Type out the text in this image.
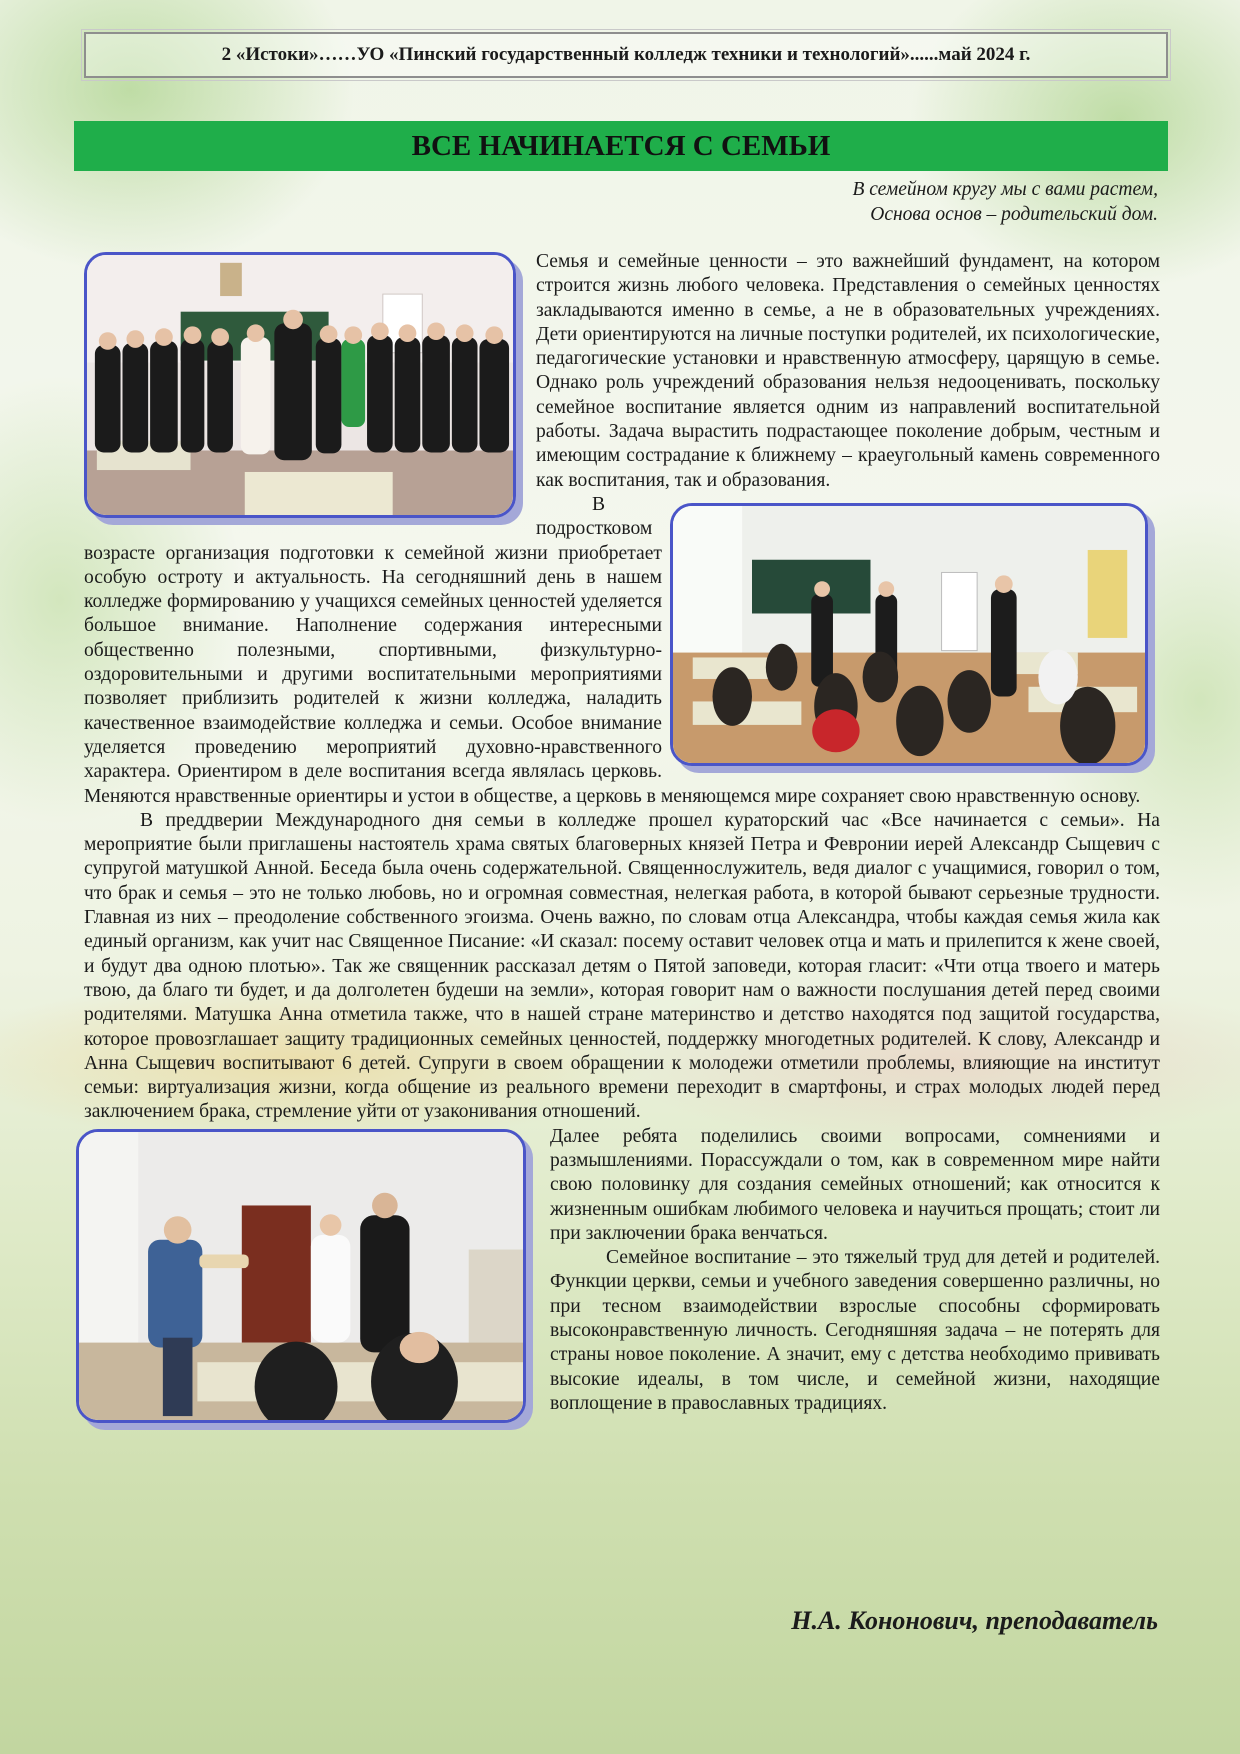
2 «Истоки»……УО «Пинский государственный колледж техники и технологий»......май 2024 г.
ВСЕ НАЧИНАЕТСЯ С СЕМЬИ
В семейном кругу мы с вами растем,
Основа основ – родительский дом.

Семья и семейные ценности – это важнейший фундамент, на котором строится жизнь любого человека. Представления о семейных ценностях закладываются именно в семье, а не в образовательных учреждениях. Дети ориентируются на личные поступки родителей, их психологические, педагогические установки и нравственную атмосферу, царящую в семье. Однако роль учреждений образования нельзя недооценивать, поскольку семейное воспитание является одним из направлений воспитательной работы. Задача вырастить подрастающее поколение добрым, честным и имеющим сострадание к ближнему – краеугольный камень современного как воспитания, так и образования.

В подростковом возрасте организация подготовки к семейной жизни приобретает особую остроту и актуальность. На сегодняшний день в нашем колледже формированию у учащихся семейных ценностей уделяется большое внимание. Наполнение содержания интересными общественно полезными, спортивными, физкультурно-оздоровительными и другими воспитательными мероприятиями позволяет приблизить родителей к жизни колледжа, наладить качественное взаимодействие колледжа и семьи. Особое внимание уделяется проведению мероприятий духовно-нравственного характера. Ориентиром в деле воспитания всегда являлась церковь. Меняются нравственные ориентиры и устои в обществе, а церковь в меняющемся мире сохраняет свою нравственную основу.

В преддверии Международного дня семьи в колледже прошел кураторский час «Все начинается с семьи». На мероприятие были приглашены настоятель храма святых благоверных князей Петра и Февронии иерей Александр Сыщевич с супругой матушкой Анной. Беседа была очень содержательной. Священнослужитель, ведя диалог с учащимися, говорил о том, что брак и семья – это не только любовь, но и огромная совместная, нелегкая работа, в которой бывают серьезные трудности. Главная из них – преодоление собственного эгоизма. Очень важно, по словам отца Александра, чтобы каждая семья жила как единый организм, как учит нас Священное Писание: «И сказал: посему оставит человек отца и мать и прилепится к жене своей, и будут два одною плотью». Так же священник рассказал детям о Пятой заповеди, которая гласит: «Чти отца твоего и матерь твою, да благо ти будет, и да долголетен будеши на земли», которая говорит нам о важности послушания детей перед своими родителями. Матушка Анна отметила также, что в нашей стране материнство и детство находятся под защитой государства, которое провозглашает защиту традиционных семейных ценностей, поддержку многодетных родителей. К слову, Александр и Анна Сыщевич воспитывают 6 детей. Супруги в своем обращении к молодежи отметили проблемы, влияющие на институт семьи: виртуализация жизни, когда общение из реального времени переходит в смартфоны, и страх молодых людей перед заключением брака, стремление уйти от узаконивания отношений.

Далее ребята поделились своими вопросами, сомнениями и размышлениями. Порассуждали о том, как в современном мире найти свою половинку для создания семейных отношений; как относится к жизненным ошибкам любимого человека и научиться прощать; стоит ли при заключении брака венчаться.

Семейное воспитание – это тяжелый труд для детей и родителей. Функции церкви, семьи и учебного заведения совершенно различны, но при тесном взаимодействии взрослые способны сформировать высоконравственную личность. Сегодняшняя задача – не потерять для страны новое поколение. А значит, ему с детства необходимо прививать высокие идеалы, в том числе, и семейной жизни, находящие воплощение в православных традициях.

Н.А. Кононович, преподаватель
